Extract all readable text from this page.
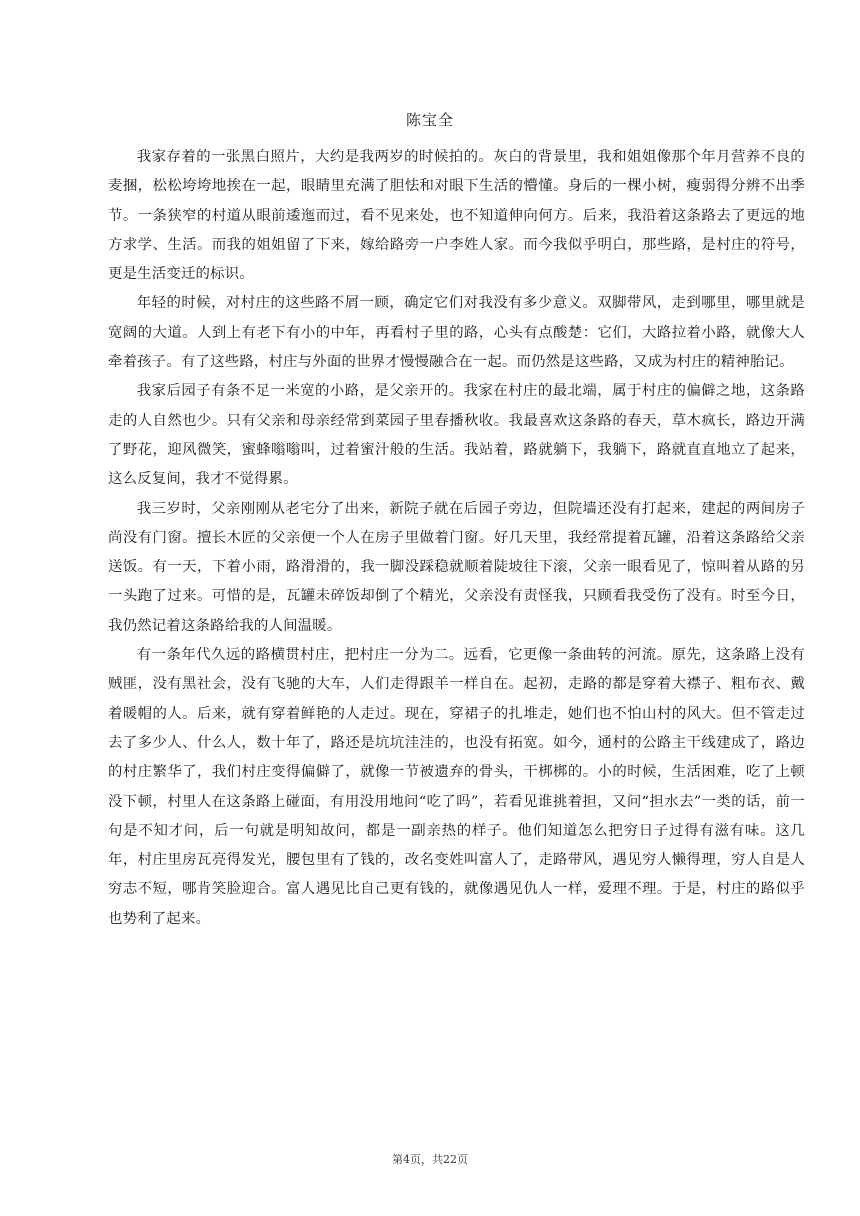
陈宝全

我家存着的一张黑白照片，大约是我两岁的时候拍的。灰白的背景里，我和姐姐像那个年月营养不良的麦捆，松松垮垮地挨在一起，眼睛里充满了胆怯和对眼下生活的懵懂。身后的一棵小树，瘦弱得分辨不出季节。一条狭窄的村道从眼前逶迤而过，看不见来处，也不知道伸向何方。后来，我沿着这条路去了更远的地方求学、生活。而我的姐姐留了下来，嫁给路旁一户李姓人家。而今我似乎明白，那些路，是村庄的符号，更是生活变迁的标识。

年轻的时候，对村庄的这些路不屑一顾，确定它们对我没有多少意义。双脚带风，走到哪里，哪里就是宽阔的大道。人到上有老下有小的中年，再看村子里的路，心头有点酸楚：它们，大路拉着小路，就像大人牵着孩子。有了这些路，村庄与外面的世界才慢慢融合在一起。而仍然是这些路，又成为村庄的精神胎记。

我家后园子有条不足一米宽的小路，是父亲开的。我家在村庄的最北端，属于村庄的偏僻之地，这条路走的人自然也少。只有父亲和母亲经常到菜园子里春播秋收。我最喜欢这条路的春天，草木疯长，路边开满了野花，迎风微笑，蜜蜂嗡嗡叫，过着蜜汁般的生活。我站着，路就躺下，我躺下，路就直直地立了起来，这么反复间，我才不觉得累。

我三岁时，父亲刚刚从老宅分了出来，新院子就在后园子旁边，但院墙还没有打起来，建起的两间房子尚没有门窗。擅长木匠的父亲便一个人在房子里做着门窗。好几天里，我经常提着瓦罐，沿着这条路给父亲送饭。有一天，下着小雨，路滑滑的，我一脚没踩稳就顺着陡坡往下滚，父亲一眼看见了，惊叫着从路的另一头跑了过来。可惜的是，瓦罐未碎饭却倒了个精光，父亲没有责怪我，只顾看我受伤了没有。时至今日，我仍然记着这条路给我的人间温暖。

有一条年代久远的路横贯村庄，把村庄一分为二。远看，它更像一条曲转的河流。原先，这条路上没有贼匪，没有黑社会，没有飞驰的大车，人们走得跟羊一样自在。起初，走路的都是穿着大襟子、粗布衣、戴着暖帽的人。后来，就有穿着鲜艳的人走过。现在，穿裙子的扎堆走，她们也不怕山村的风大。但不管走过去了多少人、什么人，数十年了，路还是坑坑洼洼的，也没有拓宽。如今，通村的公路主干线建成了，路边的村庄繁华了，我们村庄变得偏僻了，就像一节被遗弃的骨头，干梆梆的。小的时候，生活困难，吃了上顿没下顿，村里人在这条路上碰面，有用没用地问“吃了吗”，若看见谁挑着担，又问“担水去”一类的话，前一句是不知才问，后一句就是明知故问，都是一副亲热的样子。他们知道怎么把穷日子过得有滋有味。这几年，村庄里房瓦亮得发光，腰包里有了钱的，改名变姓叫富人了，走路带风，遇见穷人懒得理，穷人自是人穷志不短，哪肯笑脸迎合。富人遇见比自己更有钱的，就像遇见仇人一样，爱理不理。于是，村庄的路似乎也势利了起来。

第4页，共22页
